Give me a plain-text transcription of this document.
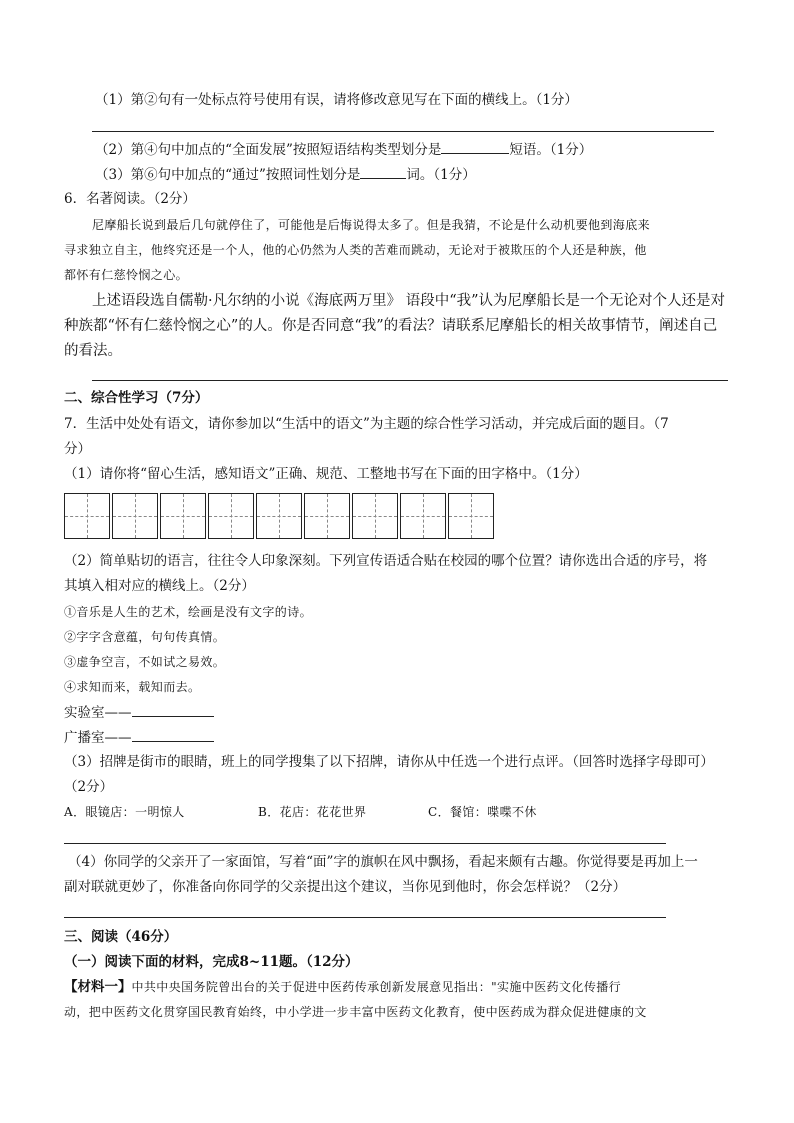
（1）第②句有一处标点符号使用有误，请将修改意见写在下面的横线上。（1分）
（2）第④句中加点的“全面发展”按照短语结构类型划分是	短语。（1分）
（3）第⑥句中加点的“通过”按照词性划分是	词。（1分）
6．名著阅读。（2分）
尼摩船长说到最后几句就停住了，可能他是后悔说得太多了。但是我猜，不论是什么动机要他到海底来
寻求独立自主，他终究还是一个人，他的心仍然为人类的苦难而跳动，无论对于被欺压的个人还是种族，他
都怀有仁慈怜悯之心。
上述语段选自儒勒·凡尔纳的小说《海底两万里》 语段中“我”认为尼摩船长是一个无论对个人还是对
种族都“怀有仁慈怜悯之心”的人。你是否同意“我”的看法？请联系尼摩船长的相关故事情节，阐述自己
的看法。
二、综合性学习（7分）
7．生活中处处有语文，请你参加以“生活中的语文”为主题的综合性学习活动，并完成后面的题目。（7
分）
（1）请你将“留心生活，感知语文”正确、规范、工整地书写在下面的田字格中。（1分）
（2）简单贴切的语言，往往令人印象深刻。下列宣传语适合贴在校园的哪个位置？请你选出合适的序号，将
其填入相对应的横线上。（2分）
①音乐是人生的艺术，绘画是没有文字的诗。
②字字含意蕴，句句传真情。
③虚争空言，不如试之易效。
④求知而来，载知而去。
实验室——
广播室——
（3）招牌是街市的眼睛，班上的同学搜集了以下招牌，请你从中任选一个进行点评。（回答时选择字母即可）
（2分）
A．眼镜店：一明惊人	B．花店：花花世界	C．餐馆：喋喋不休
（4）你同学的父亲开了一家面馆，写着“面”字的旗帜在风中飘扬，看起来颇有古趣。你觉得要是再加上一
副对联就更妙了，你准备向你同学的父亲提出这个建议，当你见到他时，你会怎样说？（2分）
三、阅读（46分）
（一）阅读下面的材料，完成8~11题。（12分）
【材料一】中共中央国务院曾出台的关于促进中医药传承创新发展意见指出："实施中医药文化传播行
动，把中医药文化贯穿国民教育始终，中小学进一步丰富中医药文化教育，使中医药成为群众促进健康的文
